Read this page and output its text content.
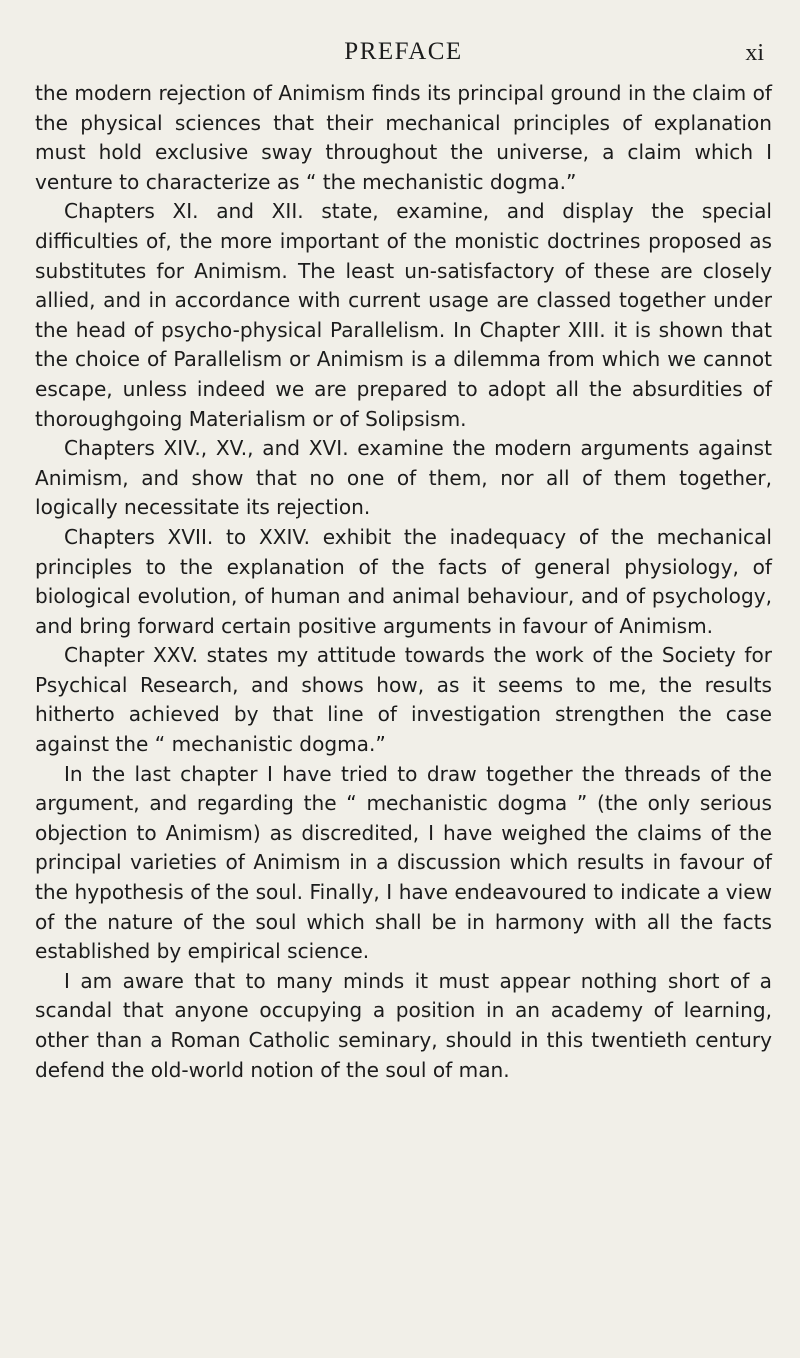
PREFACE	xi

the modern rejection of Animism finds its principal ground in the claim of the physical sciences that their mechanical principles of explanation must hold exclusive sway throughout the universe, a claim which I venture to characterize as “ the mechanistic dogma.”

Chapters XI. and XII. state, examine, and display the special difficulties of, the more important of the monistic doctrines proposed as substitutes for Animism. The least un-satisfactory of these are closely allied, and in accordance with current usage are classed together under the head of psycho-physical Parallelism. In Chapter XIII. it is shown that the choice of Parallelism or Animism is a dilemma from which we cannot escape, unless indeed we are prepared to adopt all the absurdities of thoroughgoing Materialism or of Solipsism.

Chapters XIV., XV., and XVI. examine the modern arguments against Animism, and show that no one of them, nor all of them together, logically necessitate its rejection.

Chapters XVII. to XXIV. exhibit the inadequacy of the mechanical principles to the explanation of the facts of general physiology, of biological evolution, of human and animal behaviour, and of psychology, and bring forward certain positive arguments in favour of Animism.

Chapter XXV. states my attitude towards the work of the Society for Psychical Research, and shows how, as it seems to me, the results hitherto achieved by that line of investigation strengthen the case against the “ mechanistic dogma.”

In the last chapter I have tried to draw together the threads of the argument, and regarding the “ mechanistic dogma ” (the only serious objection to Animism) as discredited, I have weighed the claims of the principal varieties of Animism in a discussion which results in favour of the hypothesis of the soul. Finally, I have endeavoured to indicate a view of the nature of the soul which shall be in harmony with all the facts established by empirical science.

I am aware that to many minds it must appear nothing short of a scandal that anyone occupying a position in an academy of learning, other than a Roman Catholic seminary, should in this twentieth century defend the old-world notion of the soul of man.
